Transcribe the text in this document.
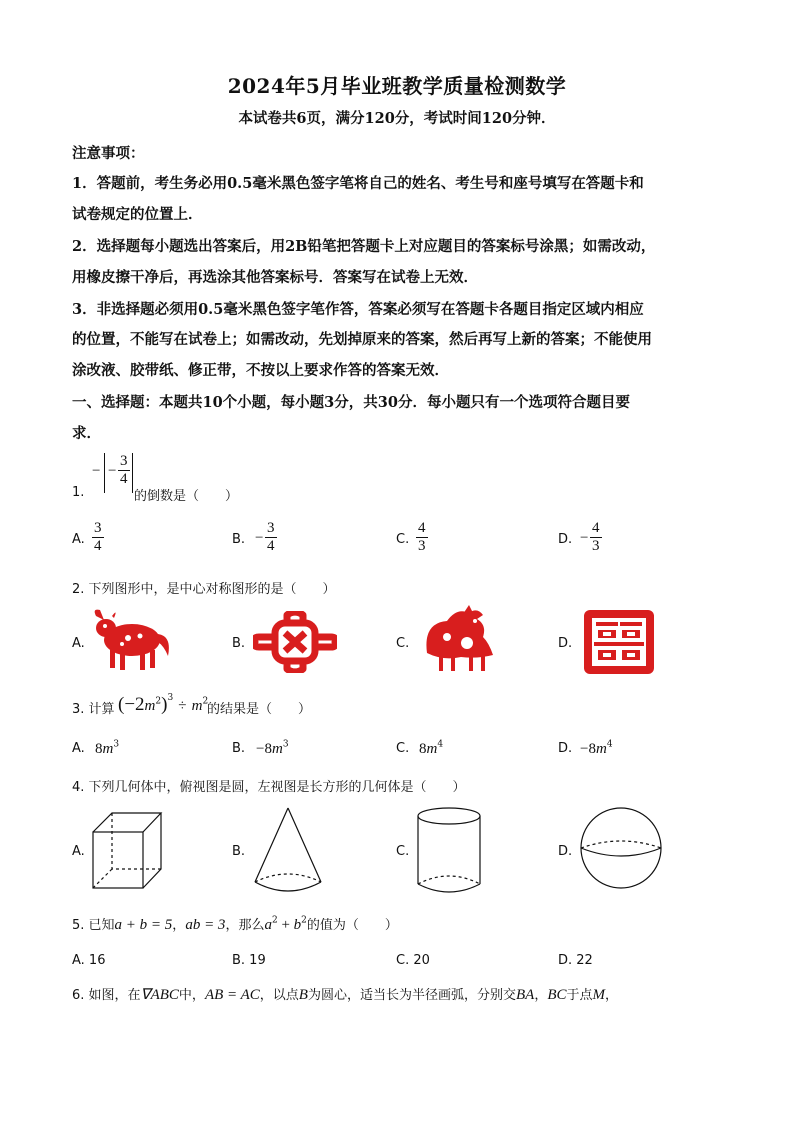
2024年5月毕业班教学质量检测数学
本试卷共6页，满分120分，考试时间120分钟．
注意事项：
1．答题前，考生务必用0.5毫米黑色签字笔将自己的姓名、考生号和座号填写在答题卡和
试卷规定的位置上．
2．选择题每小题选出答案后，用2B铅笔把答题卡上对应题目的答案标号涂黑；如需改动，
用橡皮擦干净后，再选涂其他答案标号．答案写在试卷上无效．
3．非选择题必须用0.5毫米黑色签字笔作答，答案必须写在答题卡各题目指定区域内相应
的位置，不能写在试卷上；如需改动，先划掉原来的答案，然后再写上新的答案；不能使用
涂改液、胶带纸、修正带，不按以上要求作答的答案无效．
一、选择题：本题共10个小题，每小题3分，共30分．每小题只有一个选项符合题目要
求．
1.
− − $\frac{3}{4}$
的倒数是（　　）
A. $\frac{3}{4}$	B. − $\frac{3}{4}$	C. $\frac{4}{3}$	D. − $\frac{4}{3}$
2. 下列图形中，是中心对称图形的是（　　）
A.	B.	C.	D.
3. 计算 $(-2m^2)^3 \div m^2$
的结果是（　　）
A. $8m^3$	B. $-8m^3$	C. $8m^4$	D. $-8m^4$
4. 下列几何体中，俯视图是圆，左视图是长方形的几何体是（　　）
A.	B.	C.	D.
5. 已知a + b = 5，ab = 3，那么$a^2 + b^2$的值为（　　）
A. 16	B. 19	C. 20	D. 22
6. 如图，在∇ABC中，AB = AC，以点B为圆心，适当长为半径画弧，分别交BA，BC于点M，
